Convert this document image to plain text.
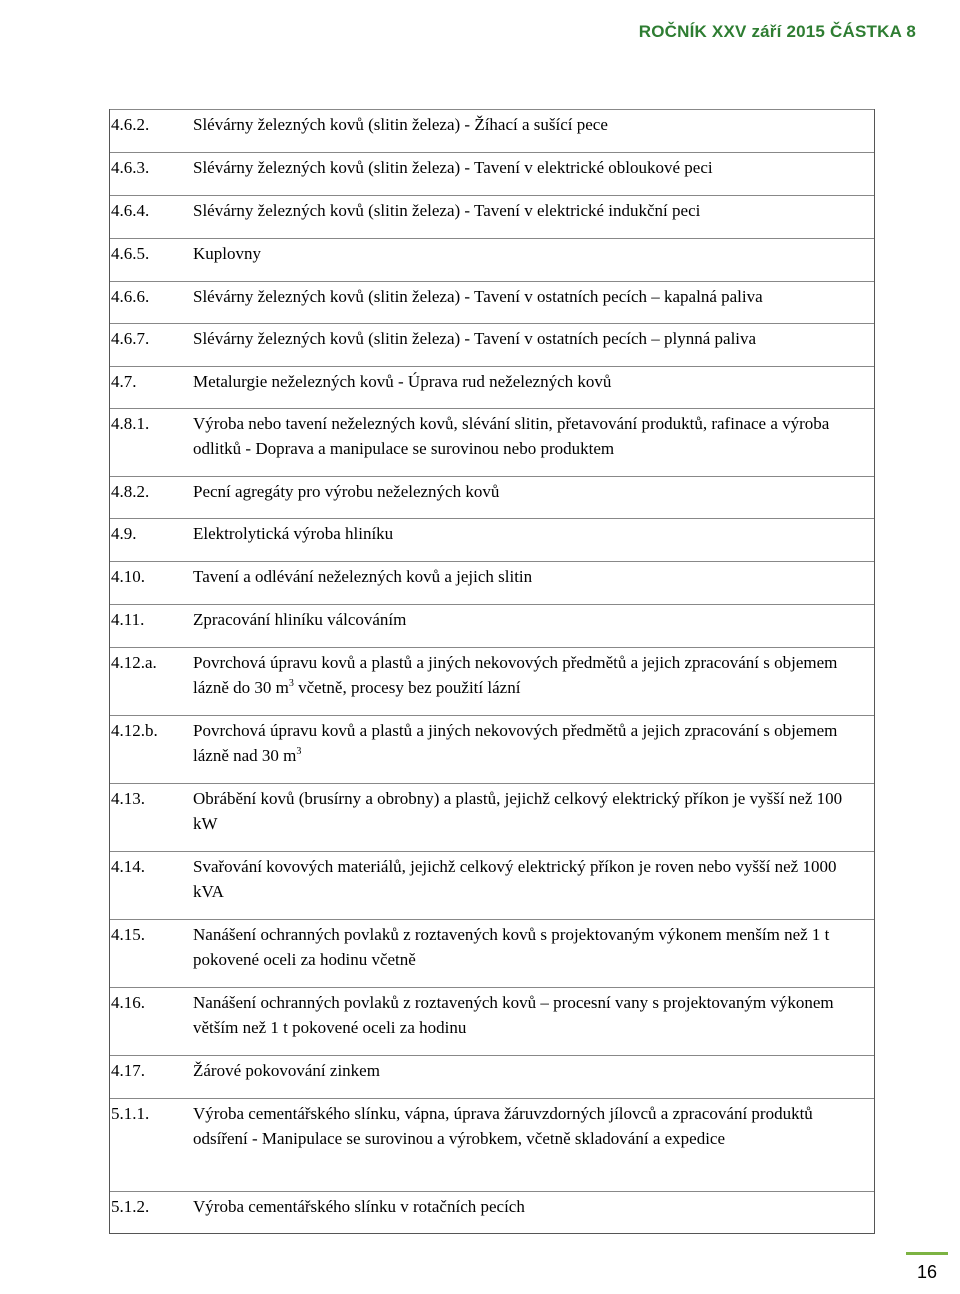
ROČNÍK XXV září 2015 ČÁSTKA 8
4.6.2.	Slévárny železných kovů (slitin železa) - Žíhací a sušící pece
4.6.3.	Slévárny železných kovů (slitin železa) - Tavení v elektrické obloukové peci
4.6.4.	Slévárny železných kovů (slitin železa) - Tavení v elektrické indukční peci
4.6.5.	Kuplovny
4.6.6.	Slévárny železných kovů (slitin železa) - Tavení v ostatních pecích – kapalná paliva
4.6.7.	Slévárny železných kovů (slitin železa) - Tavení v ostatních pecích – plynná paliva
4.7.	Metalurgie neželezných kovů - Úprava rud neželezných kovů
4.8.1.	Výroba nebo tavení neželezných kovů, slévání slitin, přetavování produktů, rafinace a výroba odlitků - Doprava a manipulace se surovinou nebo produktem
4.8.2.	Pecní agregáty pro výrobu neželezných kovů
4.9.	Elektrolytická výroba hliníku
4.10.	Tavení a odlévání neželezných kovů a jejich slitin
4.11.	Zpracování hliníku válcováním
4.12.a.	Povrchová úpravu kovů a plastů a jiných nekovových předmětů a jejich zpracování s objemem lázně do 30 $m^3$ včetně, procesy bez použití lázní
4.12.b.	Povrchová úpravu kovů a plastů a jiných nekovových předmětů a jejich zpracování s objemem lázně nad 30 $m^3$
4.13.	Obrábění kovů (brusírny a obrobny) a plastů, jejichž celkový elektrický příkon je vyšší než 100 kW
4.14.	Svařování kovových materiálů, jejichž celkový elektrický příkon je roven nebo vyšší než 1000 kVA
4.15.	Nanášení ochranných povlaků z roztavených kovů s projektovaným výkonem menším než 1 t pokovené oceli za hodinu včetně
4.16.	Nanášení ochranných povlaků z roztavených kovů – procesní vany s projektovaným výkonem větším než 1 t pokovené oceli za hodinu
4.17.	Žárové pokovování zinkem
5.1.1.	Výroba cementářského slínku, vápna, úprava žáruvzdorných jílovců a zpracování produktů odsíření - Manipulace se surovinou a výrobkem, včetně skladování a expedice
5.1.2.	Výroba cementářského slínku v rotačních pecích
16
